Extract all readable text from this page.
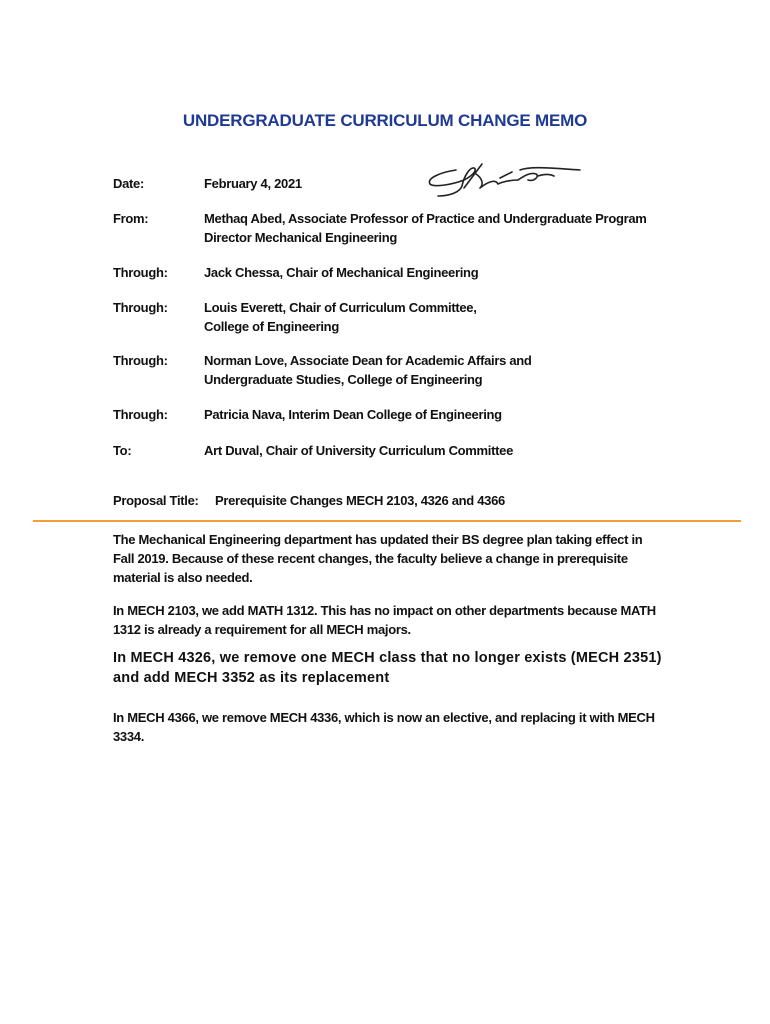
UNDERGRADUATE CURRICULUM CHANGE MEMO
Date:	February 4, 2021
From:	Methaq Abed, Associate Professor of Practice and Undergraduate Program
Director Mechanical Engineering
Through:	Jack Chessa, Chair of Mechanical Engineering
Through:	Louis Everett, Chair of Curriculum Committee,
College of Engineering
Through:	Norman Love, Associate Dean for Academic Affairs and
Undergraduate Studies, College of Engineering
Through:	Patricia Nava, Interim Dean College of Engineering
To:	Art Duval, Chair of University Curriculum Committee
Proposal Title: Prerequisite Changes MECH 2103, 4326 and 4366
The Mechanical Engineering department has updated their BS degree plan taking effect in
Fall 2019. Because of these recent changes, the faculty believe a change in prerequisite
material is also needed.
In MECH 2103, we add MATH 1312. This has no impact on other departments because MATH
1312 is already a requirement for all MECH majors.
In MECH 4326, we remove one MECH class that no longer exists (MECH 2351)
and add MECH 3352 as its replacement
In MECH 4366, we remove MECH 4336, which is now an elective, and replacing it with MECH
3334.
